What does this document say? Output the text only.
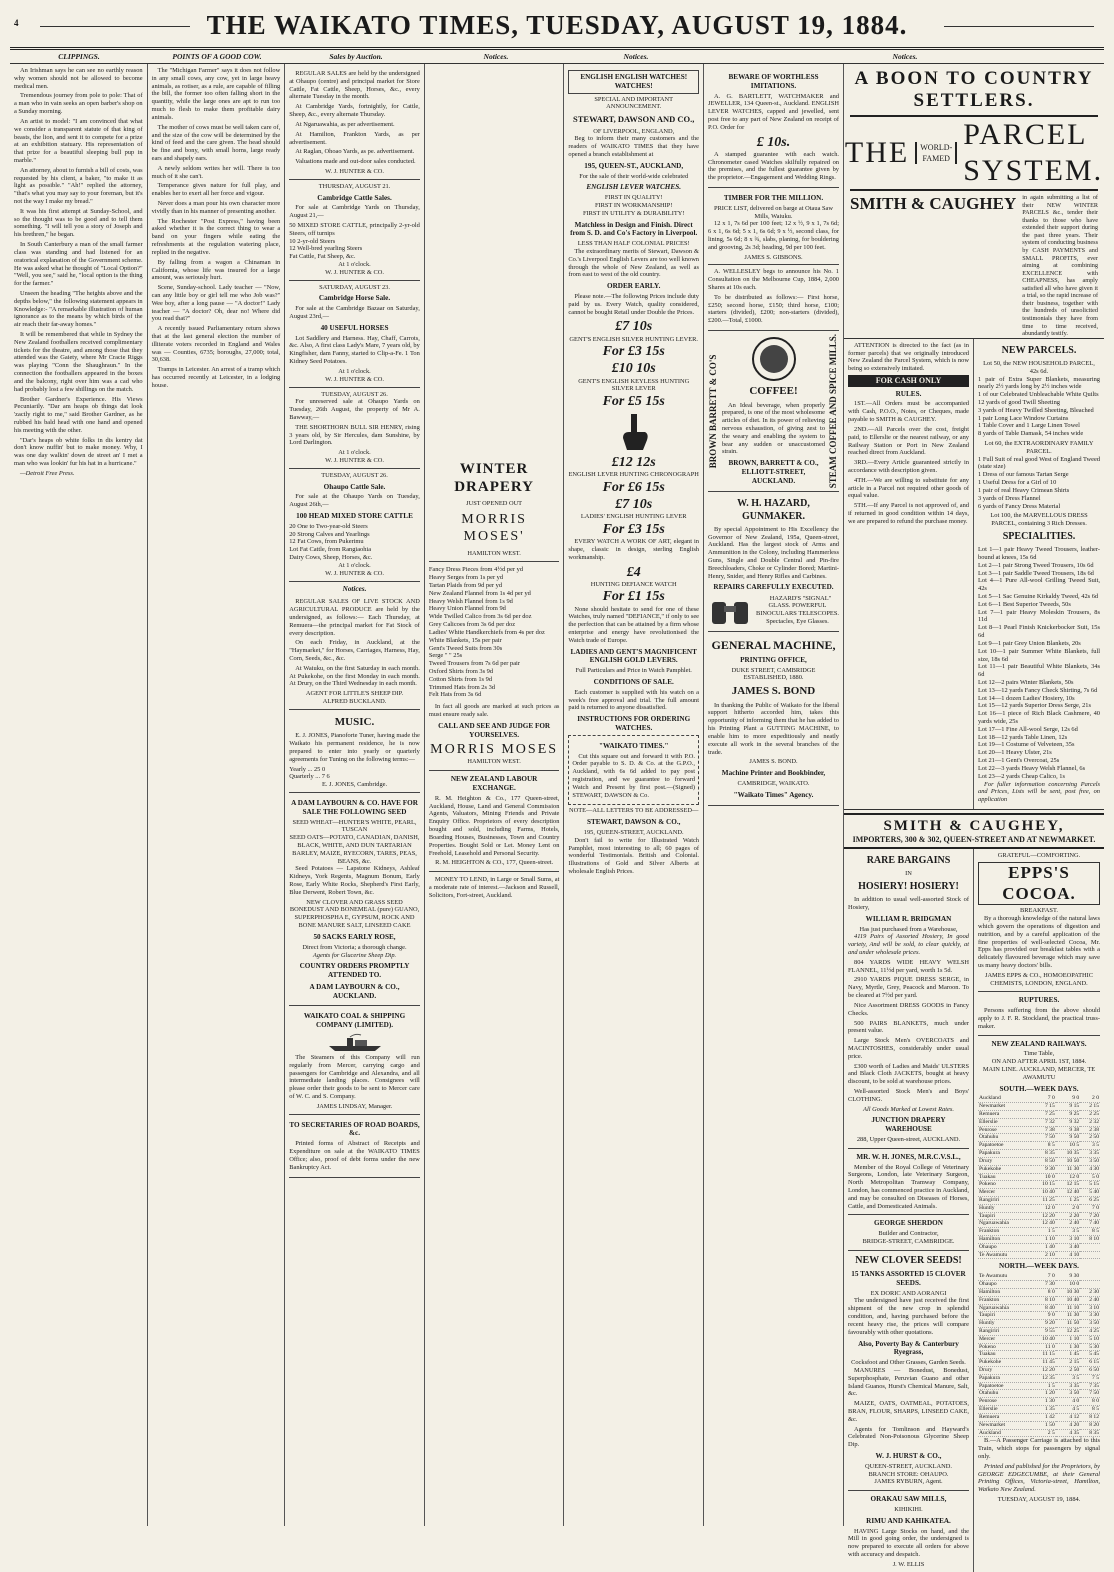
4	THE WAIKATO TIMES, TUESDAY, AUGUST 19, 1884.
CLIPPINGS.	POINTS OF A GOOD COW.	Sales by Auction.	Notices.	Notices.	Notices.

An Irishman says he can see no earthly reason why women should not be allowed to become medical men.

Tremendous journey from pole to pole: That of a man who in vain seeks an open barber's shop on a Sunday morning.

An artist to model: "I am convinced that what we consider a transparent statute of that king of beasts, the lion, and sent it to compete for a prize at an exhibition statuary. His representation of that prize for a beautiful sleeping bull pup in marble."

An attorney, about to furnish a bill of costs, was requested by his client, a baker, "to make it as light as possible." "Ah!" replied the attorney, "that's what you may say to your foreman, but it's not the way I make my bread."

It was his first attempt at Sunday-School, and so the thought was to be good and to tell them something. "I will tell you a story of Joseph and his brethren," he began.

In South Canterbury a man of the small farmer class was standing and had listened for an oratorical explanation of the Government scheme. He was asked what he thought of "Local Option?" "Well, you see," said he, "local option is the thing for the farmer."

Unseen the heading "The heights above and the depths below," the following statement appears in Knowledge:- "A remarkable illustration of human ignorance as to the means by which birds of the air reach their far-away homes."

It will be remembered that while in Sydney the New Zealand footballers received complimentary tickets for the theatre, and among those that they attended was the Gaiety, where Mr Cracie Riggs was playing "Conn the Shaughraun." In the connection the footballers appeared in the boxes and the balcony, right over him was a cad who had probably lost a few shillings on the match.

Brother Gardner's Experience. His Views Pecuniarily. "Dar am heaps ob things dat look 'zactly right to me," said Brother Gardner, as he rubbed his bald head with one hand and opened his meeting with the other.

"Dar's heaps ob white folks in dis kentry dat don't know nuffin' but to make money. Why, I was one day walkin' down de street an' I met a man who was lookin' fur his hat in a hurricane."

—Detroit Free Press.

The "Michigan Farmer" says it does not follow in any small cows, any cow, yet in large heavy animals, as rotiser, as a rule, are capable of filling the bill, the former too often falling short in the quantity, while the large ones are apt to run too much to flesh to make them profitable dairy animals.

The mother of cows must be well taken care of, and the size of the cow will be determined by the kind of feed and the care given. The head should be fine and bony, with small horns, large ready ears and shapely ears.

A newly seldom writes her will. There is too much of it she can't.

Temperance gives nature for full play, and enables her to exert all her force and vigour.

Never does a man pour his own character more vividly than in his manner of presenting another.

The Rochester "Post Express," having been asked whether it is the correct thing to wear a band on your fingers while eating the refreshments at the regulation watering place, replied in the negative.

By falling from a wagon a Chinaman in California, whose life was insured for a large amount, was seriously hurt.

Scene, Sunday-school. Lady teacher — "Now, can any little boy or girl tell me who Job was?" Wee boy, after a long pause — "A doctor!" Lady teacher — "A doctor? Oh, dear no! Where did you read that?"

A recently issued Parliamentary return shows that at the last general election the number of illiterate voters recorded in England and Wales was — Counties, 6735; boroughs, 27,000; total, 30,638.

Tramps in Leicester. An arrest of a tramp which has occurred recently at Leicester, in a lodging house.

REGULAR SALES are held by the undersigned at Ohaupo (centre) and principal market for Store Cattle, Fat Cattle, Sheep, Horses, &c., every alternate Tuesday in the month.

At Cambridge Yards, fortnightly, for Cattle, Sheep, &c., every alternate Thursday.

At Ngaruawahia, as per advertisement.

At Hamilton, Frankton Yards, as per advertisement.

At Raglan, Ohoao Yards, as pe. advertisement.

Valuations made and out-door sales conducted.

W. J. HUNTER & CO.
THURSDAY, AUGUST 21.
Cambridge Cattle Sales.

For sale at Cambridge Yards on Thursday, August 21,—

50 MIXED STORE CATTLE, principally 2-yr-old Steers, off turnips
10 2-yr-old Steers
12 Well-bred yearling Steers
Fat Cattle, Fat Sheep, &c.
At 1 o'clock.
W. J. HUNTER & CO.
SATURDAY, AUGUST 23.
Cambridge Horse Sale.

For sale at the Cambridge Bazaar on Saturday, August 23rd,—

40 USEFUL HORSES

Lot Saddlery and Harness. Hay, Chaff, Carrots, &c. Also, A first class Lady's Mare, 7 years old, by Kingfisher, dam Fanny, started to Clip-a-Fe. 1 Ton Kidney Seed Potatoes.

At 1 o'clock.
W. J. HUNTER & CO.
TUESDAY, AUGUST 26.

For unreserved sale at Ohaupo Yards on Tuesday, 26th August, the property of Mr A. Bawway,—

THE SHORTHORN BULL SIR HENRY, rising 3 years old, by Sir Hercules, dam Sunshine, by Lord Darlington.

At 1 o'clock.
W. J. HUNTER & CO.
TUESDAY, AUGUST 26.
Ohaupo Cattle Sale.

For sale at the Ohaupo Yards on Tuesday, August 26th,—

100 HEAD MIXED STORE CATTLE
20 One to Two-year-old Steers
20 Strong Calves and Yearlings
12 Fat Cows, from Pukerimu
Lot Fat Cattle, from Rangiaohia
Dairy Cows, Sheep, Horses, &c.
At 1 o'clock.
W. J. HUNTER & CO.
Notices.

REGULAR SALES OF LIVE STOCK AND AGRICULTURAL PRODUCE are held by the undersigned, as follows:— Each Thursday, at Remuera—the principal market for Fat Stock of every description.

On each Friday, in Auckland, at the "Haymarket," for Horses, Carriages, Harness, Hay, Corn, Seeds, &c., &c.

At Waiuku, on the first Saturday in each month. At Pukekohe, on the first Monday in each month. At Drury, on the Third Wednesday in each month.

AGENT FOR LITTLE'S SHEEP DIP.
ALFRED BUCKLAND.
MUSIC.

E. J. JONES, Pianoforte Tuner, having made the Waikato his permanent residence, he is now prepared to enter into yearly or quarterly agreements for Tuning on the following terms:—

Yearly ... 25 0
Quarterly ... 7 6
E. J. JONES, Cambridge.
A DAM LAYBOURN & CO. HAVE FOR SALE THE FOLLOWING SEED
SEED WHEAT—HUNTER'S WHITE, PEARL, TUSCAN
SEED OATS—POTATO, CANADIAN, DANISH, BLACK, WHITE, AND DUN TARTARIAN
BARLEY, MAIZE, RYECORN, TARES, PEAS, BEANS, &c.

Seed Potatoes — Lapstone Kidneys, Ashleaf Kidneys, York Regents, Magnum Bonum, Early Rose, Early White Rocks, Shepherd's First Early, Blue Derwent, Robert Town, &c.

NEW CLOVER AND GRASS SEED
BONEDUST AND BONEMEAL (pure) GUANO, SUPERPHOSPHA E, GYPSUM, ROCK AND BONE MANURE SALT, LINSEED CAKE
50 SACKS EARLY ROSE,
Direct from Victoria; a thorough change.
Agents for Glucerine Sheep Dip.
COUNTRY ORDERS PROMPTLY ATTENDED TO.
A DAM LAYBOURN & CO., AUCKLAND.
WAIKATO COAL & SHIPPING COMPANY (LIMITED).

The Steamers of this Company will run regularly from Mercer, carrying cargo and passengers for Cambridge and Alexandra, and all intermediate landing places. Consignees will please order their goods to be sent to Mercer care of W. C. and S. Company.

JAMES LINDSAY, Manager.
TO SECRETARIES OF ROAD BOARDS, &c.

Printed forms of Abstract of Receipts and Expenditure on sale at the WAIKATO TIMES Office; also, proof of debt forms under the new Bankruptcy Act.

WINTER DRAPERY
JUST OPENED OUT
MORRIS MOSES'
HAMILTON WEST.
Fancy Dress Pieces from 4½d per yd
Heavy Serges from 1s per yd
Tartan Plaids from 9d per yd
New Zealand Flannel from 1s 4d per yd
Heavy Welsh Flannel from 1s 9d
Heavy Union Flannel from 9d
Wide Twilled Calico from 3s 6d per doz
Grey Calicoes from 3s 6d per doz
Ladies' White Handkerchiefs from 4s per doz
White Blankets, 15s per pair
Gent's Tweed Suits from 30s
Serge " " 25s
Tweed Trousers from 7s 6d per pair
Oxford Shirts from 3s 9d
Cotton Shirts from 1s 9d
Trimmed Hats from 2s 3d
Felt Hats from 3s 6d

In fact all goods are marked at such prices as must ensure ready sale.

CALL AND SEE AND JUDGE FOR YOURSELVES.
MORRIS MOSES
HAMILTON WEST.
NEW ZEALAND LABOUR EXCHANGE.

R. M. Heighton & Co., 177 Queen-street, Auckland, House, Land and General Commission Agents, Valuators, Mining Friends and Private Enquiry Office. Proprietors of every description bought and sold, including Farms, Hotels, Boarding Houses, Businesses, Town and Country Properties. Bought Sold or Let. Money Lent on Freehold, Leasehold and Personal Security.

R. M. HEIGHTON & CO., 177, Queen-street.

MONEY TO LEND, in Large or Small Sums, at a moderate rate of interest.—Jackson and Russell, Solicitors, Fort-street, Auckland.

ENGLISH ENGLISH WATCHES! WATCHES!
SPECIAL AND IMPORTANT ANNOUNCEMENT.
STEWART, DAWSON AND CO.,
OF LIVERPOOL, ENGLAND,

Beg to inform their many customers and the readers of WAIKATO TIMES that they have opened a branch establishment at

195, QUEEN-ST., AUCKLAND,
For the sale of their world-wide celebrated
ENGLISH LEVER WATCHES.
FIRST IN QUALITY!
FIRST IN WORKMANSHIP!
FIRST IN UTILITY & DURABILITY!
Matchless in Design and Finish. Direct from S. D. and Co's Factory in Liverpool.
LESS THAN HALF COLONIAL PRICES!

The extraordinary merits of Stewart, Dawson & Co.'s Liverpool English Levers are too well known through the whole of New Zealand, as well as from east to west of the old country.

ORDER EARLY.

Please note.—The following Prices include duty paid by us. Every Watch, quality considered, cannot be bought Retail under Double the Prices.

£7 10s
GENT'S ENGLISH SILVER HUNTING LEVER.
For £3 15s
£10 10s
GENT'S ENGLISH KEYLESS HUNTING SILVER LEVER
For £5 15s
£12 12s
ENGLISH LEVER HUNTING CHRONOGRAPH
For £6 15s
£7 10s
LADIES' ENGLISH HUNTING LEVER
For £3 15s

EVERY WATCH A WORK OF ART, elegant in shape, classic in design, sterling English workmanship.

£4
HUNTING DEFIANCE WATCH
For £1 15s

None should hesitate to send for one of these Watches, truly named "DEFIANCE," if only to see the perfection that can be attained by a firm whose enterprise and energy have revolutionised the Watch trade of Europe.

LADIES AND GENT'S MAGNIFICENT ENGLISH GOLD LEVERS.
Full Particulars and Price in Watch Pamphlet.
CONDITIONS OF SALE.

Each customer is supplied with his watch on a week's free approval and trial. The full amount paid is returned to anyone dissatisfied.

INSTRUCTIONS FOR ORDERING WATCHES.
"WAIKATO TIMES."

Cut this square out and forward it with P.O. Order payable to S. D. & Co. at the G.P.O., Auckland, with 6s 6d added to pay post registration, and we guarantee to forward Watch and Present by first post.—(Signed) STEWART, DAWSON & Co.

NOTE—ALL LETTERS TO BE ADDRESSED—
STEWART, DAWSON & CO.,
195, QUEEN-STREET, AUCKLAND.

Don't fail to write for Illustrated Watch Pamphlet, most interesting to all; 60 pages of wonderful Testimonials. British and Colonial. Illustrations of Gold and Silver Alberts at wholesale English Prices.

BEWARE OF WORTHLESS IMITATIONS.

A. G. BARTLETT, WATCHMAKER and JEWELLER, 134 Queen-st., Auckland. ENGLISH LEVER WATCHES, capped and jewelled, sent post free to any part of New Zealand on receipt of P.O. Order for

£ 10s.

A stamped guarantee with each watch. Chronometer cased Watches skilfully repaired on the premises, and the fullest guarantee given by the proprietor.—Engagement and Wedding Rings.

TIMBER FOR THE MILLION.
PRICE LIST, delivered on barge at Otaua Saw Mills, Waiuku.

12 x 1, 7s 6d per 100 feet; 12 x ½, 9 x 1, 7s 6d; 6 x 1, 6s 6d; 5 x 1, 6s 6d; 9 x ½, second class, for lining, 5s 6d; 8 x ¾, slabs, planing, for bouldering and grooving, 2s 3d; heading, 9d per 100 feet.

JAMES S. GIBBONS.

A. WELLESLEY begs to announce his No. 1 Consultation on the Melbourne Cup, 1884, 2,000 Shares at 10s each.

To be distributed as follows:— First horse, £250; second horse, £150; third horse, £100; starters (divided), £200; non-starters (divided), £200.—Total, £1000.

BROWN BARRETT & CO'S	COFFEE!

An Ideal beverage, when properly prepared, is one of the most wholesome articles of diet. In its power of relieving nervous exhaustion, of giving zest to the weary and enabling the system to bear any sudden or unaccustomed strain.

BROWN, BARRETT & CO., ELLIOTT-STREET, AUCKLAND.	STEAM COFFEE AND SPICE MILLS.
W. H. HAZARD, GUNMAKER.

By special Appointment to His Excellency the Governor of New Zealand, 195a, Queen-street, Auckland. Has the largest stock of Arms and Ammunition in the Colony, including Hammerless Guns, Single and Double Central and Pin-fire Breechloaders, Choke or Cylinder Bored; Martini-Henry, Snider, and Henry Rifles and Carbines.

REPAIRS CAREFULLY EXECUTED.

HAZARD'S "SIGNAL" GLASS. POWERFUL BINOCULARS TELESCOPES. Spectacles, Eye Glasses.

GENERAL MACHINE,
PRINTING OFFICE,
DUKE STREET, CAMBRIDGE
ESTABLISHED, 1880.
JAMES S. BOND

In thanking the Public of Waikato for the liberal support hitherto accorded him, takes this opportunity of informing them that he has added to his Printing Plant a GUTTING MACHINE, to enable him to more expeditiously and neatly execute all work in the several branches of the trade.

JAMES S. BOND.
Machine Printer and Bookbinder,
CAMBRIDGE, WAIKATO.
"Waikato Times" Agency.
A BOON TO COUNTRY SETTLERS.
THE	WORLD-
FAMED
PARCEL SYSTEM.
SMITH & CAUGHEY in again submitting a list of their NEW WINTER PARCELS &c., tender their thanks to those who have extended their support during the past three years. Their system of conducting business by CASH PAYMENTS and SMALL PROFITS, ever aiming at combining EXCELLENCE with CHEAPNESS, has amply satisfied all who have given it a trial, so the rapid increase of their business, together with the hundreds of unsolicited testimonials they have from time to time received, abundantly testify.

ATTENTION is directed to the fact (as in former parcels) that we originally introduced New Zealand the Parcel System, which is now being so extensively imitated.

FOR CASH ONLY
RULES.

1ST.—All Orders must be accompanied with Cash, P.O.O., Notes, or Cheques, made payable to SMITH & CAUGHEY.

2ND.—All Parcels over the cost, freight paid, to Ellerslie or the nearest railway, or any Railway Station or Port in New Zealand reached direct from Auckland.

3RD.—Every Article guaranteed strictly in accordance with description given.

4TH.—We are willing to substitute for any article in a Parcel not required other goods of equal value.

5TH.—If any Parcel is not approved of, and if returned in good condition within 14 days, we are prepared to refund the purchase money.

NEW PARCELS.
Lot 50, the NEW HOUSEHOLD PARCEL, 42s 6d.
1 pair of Extra Super Blankets, measuring nearly 2½ yards long by 2½ inches wide
1 of our Celebrated Unbleachable White Quilts
12 yards of good Twill Sheeting
3 yards of Heavy Twilled Sheeting, Bleached
1 pair Long Lace Window Curtains
1 Table Cover and 1 Large Linen Towel
8 yards of Table Damask, 54 inches wide
Lot 60, the EXTRAORDINARY FAMILY PARCEL.
1 Full Suit of real good West of England Tweed (state size)
1 Dress of our famous Tartan Serge
1 Useful Dress for a Girl of 10
1 pair of real Heavy Crimean Shirts
3 yards of Dress Flannel
6 yards of Fancy Dress Material
Lot 100, the MARVELLOUS DRESS PARCEL, containing 3 Rich Dresses.
SPECIALITIES.
Lot 1—1 pair Heavy Tweed Trousers, leather-bound at knees, 15s 6d
Lot 2—1 pair Strong Tweed Trousers, 10s 6d
Lot 3—1 pair Saddle Tweed Trousers, 18s 6d
Lot 4—1 Pure All-wool Grilling Tweed Suit, 42s
Lot 5—1 Sac Genuine Kirkaldy Tweed, 42s 6d
Lot 6—1 Best Superior Tweeds, 50s
Lot 7—1 pair Heavy Moleskin Trousers, 8s 11d
Lot 8—1 Pearl Finish Knickerbocker Suit, 15s 6d
Lot 9—1 pair Grey Union Blankets, 20s
Lot 10—1 pair Summer White Blankets, full size, 18s 6d
Lot 11—1 pair Beautiful White Blankets, 34s 6d
Lot 12—2 pairs Winter Blankets, 50s
Lot 13—12 yards Fancy Check Shirting, 7s 6d
Lot 14—1 dozen Ladies' Hosiery, 10s
Lot 15—12 yards Superior Dress Serge, 21s
Lot 16—1 piece of Rich Black Cashmere, 40 yards wide, 25s
Lot 17—1 Fine All-wool Serge, 12s 6d
Lot 18—12 yards Table Linen, 12s
Lot 19—1 Costume of Velveteen, 35s
Lot 20—1 Heavy Ulster, 21s
Lot 21—1 Gent's Overcoat, 25s
Lot 22—3 yards Heavy Welsh Flannel, 6s
Lot 23—2 yards Cheap Calico, 1s

For fuller information concerning Parcels and Prices, Lists will be sent, post free, on application

SMITH & CAUGHEY,
IMPORTERS, 300 & 302, QUEEN-STREET AND AT NEWMARKET.
RARE BARGAINS
IN
HOSIERY! HOSIERY!

In addition to usual well-assorted Stock of Hosiery,

WILLIAM R. BRIDGMAN
Has just purchased from a Warehouse,

4119 Pairs of Assorted Hosiery, In good variety, And will be sold, to clear quickly, at and under wholesale prices.

804 YARDS WIDE HEAVY WELSH FLANNEL, 11½d per yard, worth 1s 5d.

2910 YARDS PIQUE DRESS SERGE, in Navy, Myrtle, Grey, Peacock and Maroon. To be cleared at 7½d per yard.

Nice Assortment DRESS GOODS in Fancy Checks.

500 PAIRS BLANKETS, much under present value.

Large Stock Men's OVERCOATS and MACINTOSHES, considerably under usual price.

£300 worth of Ladies and Maids' ULSTERS and Black Cloth JACKETS, bought at heavy discount, to be sold at warehouse prices.

Well-assorted Stock Men's and Boys' CLOTHING.

All Goods Marked at Lowest Rates.
JUNCTION DRAPERY WAREHOUSE
288, Upper Queen-street, AUCKLAND.
MR. W. H. JONES, M.R.C.V.S.L.,

Member of the Royal College of Veterinary Surgeons, London, late Veterinary Surgeon, North Metropolitan Tramway Company, London, has commenced practice in Auckland, and may be consulted on Diseases of Horses, Cattle, and Domesticated Animals.

GEORGE SHERDON
Builder and Contractor,
BRIDGE-STREET, CAMBRIDGE.
NEW CLOVER SEEDS!
15 TANKS ASSORTED 15 CLOVER SEEDS.
EX DORIC AND AORANGI

The undersigned have just received the first shipment of the new crop in splendid condition, and, having purchased before the recent heavy rise, the prices will compare favourably with other quotations.

Also, Poverty Bay & Canterbury Ryegrass,
Cocksfoot and Other Grasses, Garden Seeds.

MANURES — Bonedust, Bonedust, Superphosphate, Peruvian Guano and other Island Guanos, Hurst's Chemical Manure, Salt, &c.

MAIZE, OATS, OATMEAL, POTATOES, BRAN, FLOUR, SHARPS, LINSEED CAKE, &c.

Agents for Tomlinson and Hayward's Celebrated Non-Poisonous Glycerine Sheep Dip.

W. J. HURST & CO.,
QUEEN-STREET, AUCKLAND.
BRANCH STORE: OHAUPO.
JAMES RYBURN, Agent.
ORAKAU SAW MILLS,
KIHIKIHI.
RIMU AND KAHIKATEA.

HAVING Large Stocks on hand, and the Mill in good going order, the undersigned is now prepared to execute all orders for above with accuracy and despatch.

J. W. ELLIS
GRATEFUL—COMFORTING.
EPPS'S COCOA.
BREAKFAST.

By a thorough knowledge of the natural laws which govern the operations of digestion and nutrition, and by a careful application of the fine properties of well-selected Cocoa, Mr. Epps has provided our breakfast tables with a delicately flavoured beverage which may save us many heavy doctors' bills.

JAMES EPPS & CO., HOMOEOPATHIC CHEMISTS, LONDON, ENGLAND.
RUPTURES.

Persons suffering from the above should apply to J. F. R. Stockland, the practical truss-maker.

NEW ZEALAND RAILWAYS.
Time Table,
ON AND AFTER APRIL 1ST, 1884.
MAIN LINE. AUCKLAND, MERCER, TE AWAMUTU
SOUTH.—WEEK DAYS.
Auckland	7 0	9 0	2 0
Newmarket	7 15	9 15	2 15
Remuera	7 25	9 25	2 25
Ellerslie	7 32	9 32	2 32
Penrose	7 38	9 38	2 38
Otahuhu	7 50	9 50	2 50
Papatoetoe	8 5	10 5	3 5
Papakura	8 35	10 35	3 35
Drury	8 50	10 50	3 50
Pukekohe	9 30	11 30	4 30
Tuakau	10 0	12 0	5 0
Pokeno	10 15	12 15	5 15
Mercer	10 40	12 40	5 40
Rangiriri	11 25	1 25	6 25
Huntly	12 0	2 0	7 0
Taupiri	12 20	2 20	7 20
Ngaruawahia	12 40	2 40	7 40
Frankton	1 5	3 5	8 5
Hamilton	1 10	3 10	8 10
Ohaupo	1 40	3 40	
Te Awamutu	2 10	4 10	
NORTH.—WEEK DAYS.
Te Awamutu	7 0	9 30	
Ohaupo	7 30	10 0	
Hamilton	8 0	10 30	2 30
Frankton	8 10	10 40	2 40
Ngaruawahia	8 40	11 10	3 10
Taupiri	9 0	11 30	3 30
Huntly	9 20	11 50	3 50
Rangiriri	9 55	12 25	4 25
Mercer	10 40	1 10	5 10
Pokeno	11 0	1 30	5 30
Tuakau	11 15	1 45	5 45
Pukekohe	11 45	2 15	6 15
Drury	12 20	2 50	6 50
Papakura	12 35	3 5	7 5
Papatoetoe	1 5	3 35	7 35
Otahuhu	1 20	3 50	7 50
Penrose	1 30	4 0	8 0
Ellerslie	1 35	4 5	8 5
Remuera	1 42	4 12	8 12
Newmarket	1 50	4 20	8 20
Auckland	2 5	4 35	8 35

B.—A Passenger Carriage is attached to this Train, which stops for passengers by signal only.

Printed and published for the Proprietors, by GEORGE EDGECUMBE, at their General Printing Offices, Victoria-street, Hamilton, Waikato New Zealand.

TUESDAY, AUGUST 19, 1884.
